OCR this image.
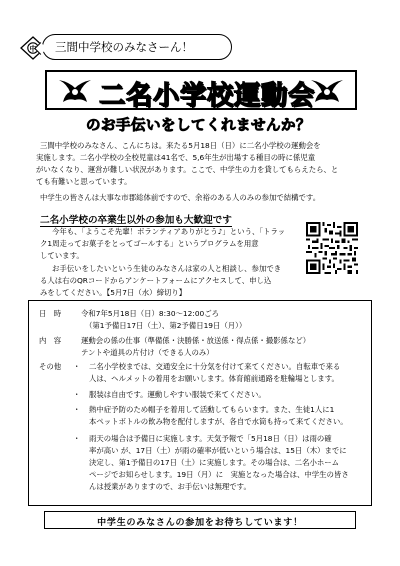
中 三間中学校のみなさーん！
二名小学校運動会
のお手伝いをしてくれませんか？
三間中学校のみなさん、こんにちは。来たる5月18日（日）に二名小学校の運動会を
実施します。二名小学校の全校児童は41名で、5,6年生が出場する種目の時に係児童
がいなくなり、運営が難しい状況があります。ここで、中学生の力を貸してもらえたら、と
ても有難いと思っています。
中学生の皆さんは大事な市郡総体前ですので、余裕のある人のみの参加で結構です。
二名小学校の卒業生以外の参加も大歓迎です
今年も、「ようこそ先輩！ボランティアありがとう♪」という、「トラッ
ク1周走ってお菓子をとってゴールする」というプログラムを用意
しています。
お手伝いをしたいという生徒のみなさんは家の人と相談し、参加でき
る人は右のQRコードからアンケートフォームにアクセスして、申し込
みをしてください。【5月7日（水）締切り】
日　時	令和7年5月18日（日）8:30〜12:00ごろ
（第1予備日17日（土）、第2予備日19日（月））
内　容	運動会の係の仕事（準備係・決勝係・放送係・得点係・撮影係など）
テントや道具の片付け（できる人のみ）
その他 ・ 二名小学校までは、交通安全に十分気を付けて来てください。自転車で来る
人は、ヘルメットの着用をお願いします。体育館前通路を駐輪場とします。
・ 服装は自由です。運動しやすい服装で来てください。
・ 熱中症予防のため帽子を着用して活動してもらいます。また、生徒1人に1
本ペットボトルの飲み物を配付しますが、各自で水筒も持って来てください。
・ 雨天の場合は予備日に実施します。天気予報で「5月18日（日）は雨の確
率が高い が、17日（土）が雨の確率が低いという場合は、15日（木）までに
決定し、第1予備日の17日（土）に実施します。その場合は、二名小ホーム
ページでお知らせします。19日（月）に　実施となった場合は、中学生の皆さ
んは授業がありますので、お手伝いは無理です。
中学生のみなさんの参加をお待ちしています！
